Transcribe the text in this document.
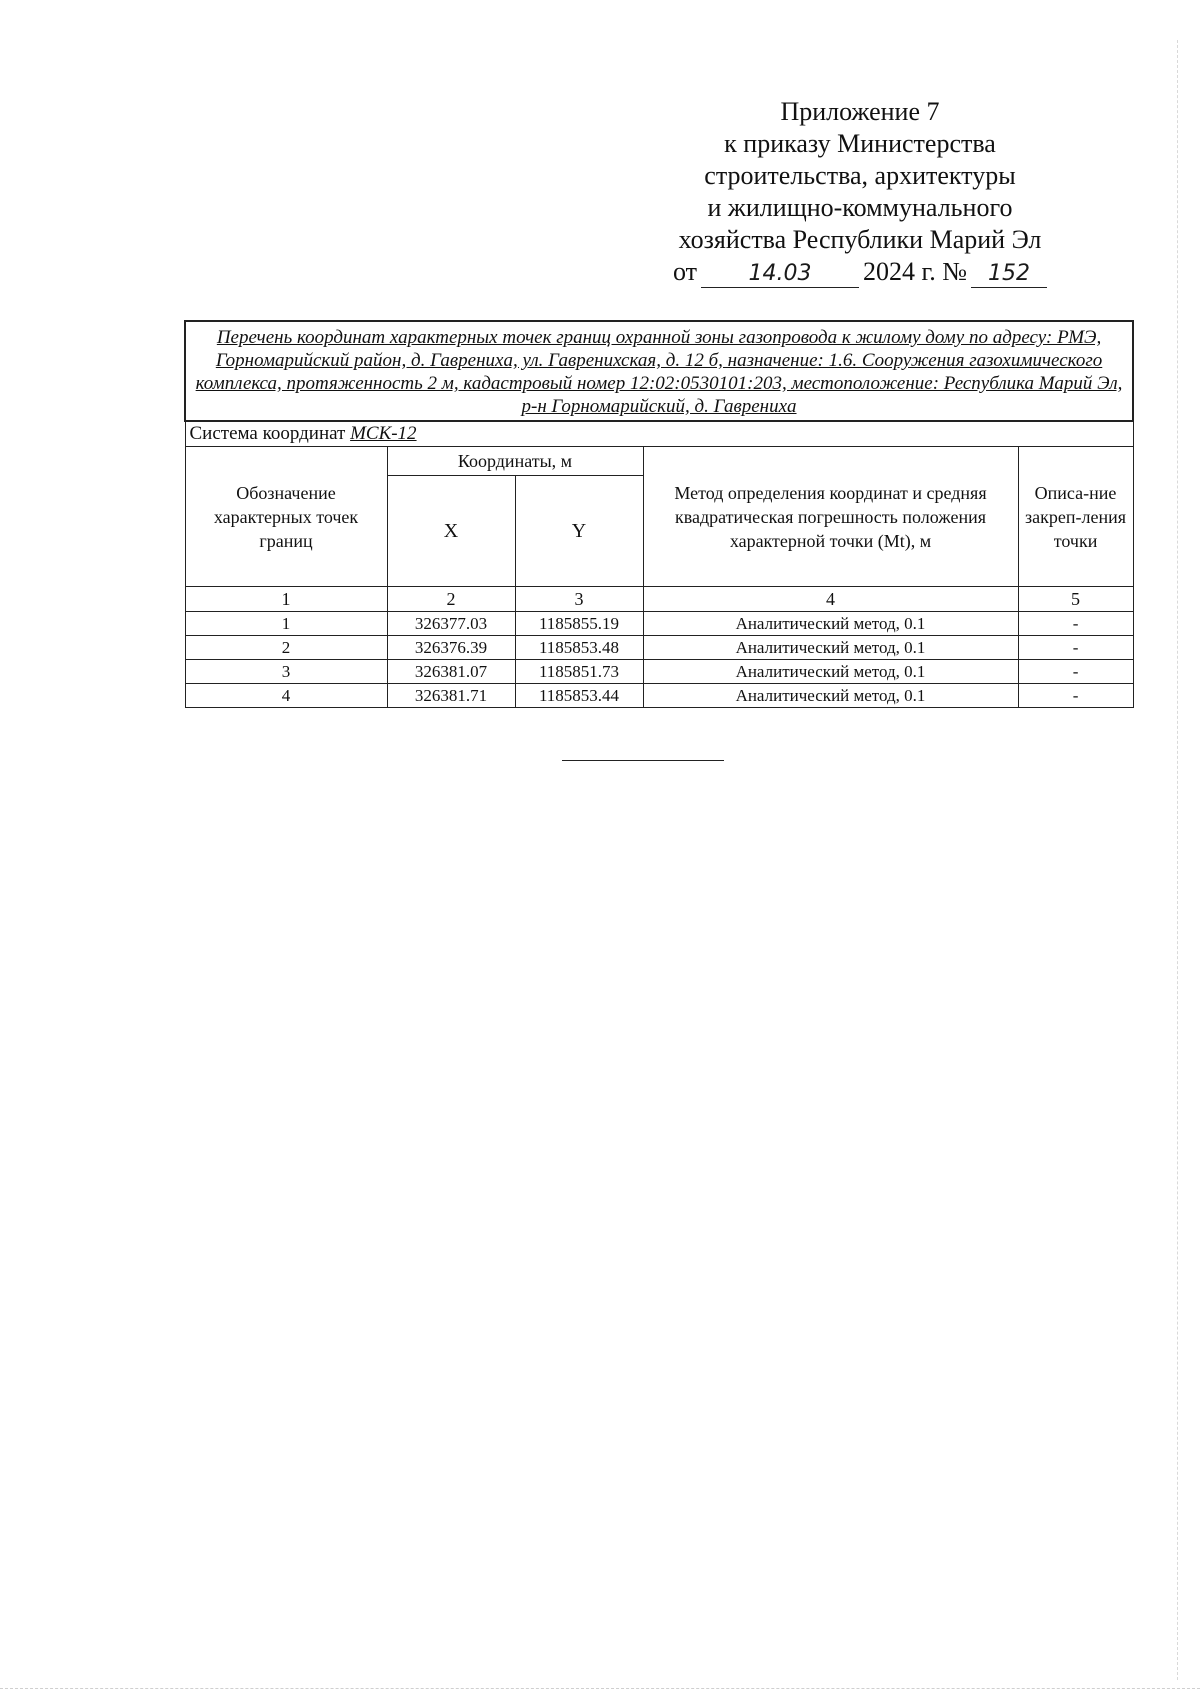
Приложение 7
к приказу Министерства
строительства, архитектуры
и жилищно-коммунального
хозяйства Республики Марий Эл
от 14.03 2024 г. № 152
Перечень координат характерных точек границ охранной зоны газопровода к жилому дому по адресу: РМЭ, Горномарийский район, д. Гавренихa, ул. Гавренихская, д. 12 б, назначение: 1.6. Сооружения газохимического комплекса, протяженность 2 м, кадастровый номер 12:02:0530101:203, местоположение: Республика Марий Эл, р-н Горномарийский, д. Гавренихa				
Система координат МСК-12				
Обозначение характерных точек границ	Координаты, м		Метод определения координат и средняя квадратическая погрешность положения характерной точки (Mt), м	Описа-ние закреп-ления точки
	X	Y		
1	2	3	4	5
1	326377.03	1185855.19	Аналитический метод, 0.1	-
2	326376.39	1185853.48	Аналитический метод, 0.1	-
3	326381.07	1185851.73	Аналитический метод, 0.1	-
4	326381.71	1185853.44	Аналитический метод, 0.1	-
